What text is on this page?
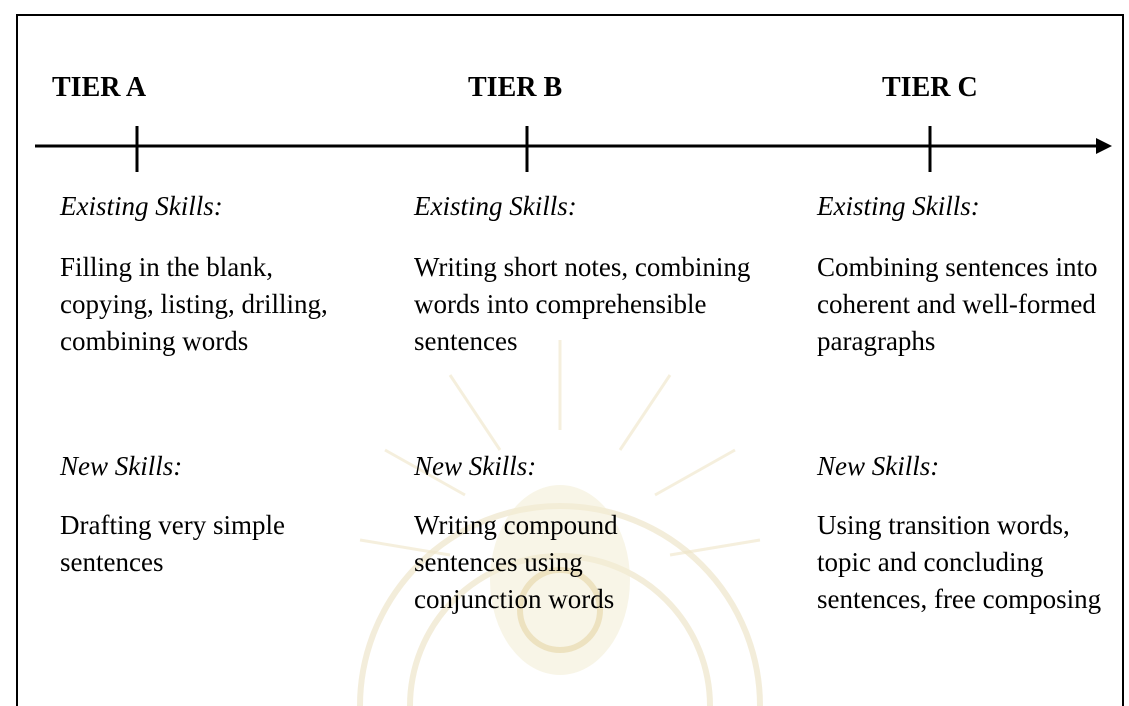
TIER A	TIER B	TIER C

Existing Skills:

Filling in the blank, copying, listing, drilling, combining words

New Skills:

Drafting very simple sentences

Existing Skills:

Writing short notes, combining words into comprehensible sentences

New Skills:

Writing compound sentences using conjunction words

Existing Skills:

Combining sentences into coherent and well-formed paragraphs

New Skills:

Using transition words, topic and concluding sentences, free composing
